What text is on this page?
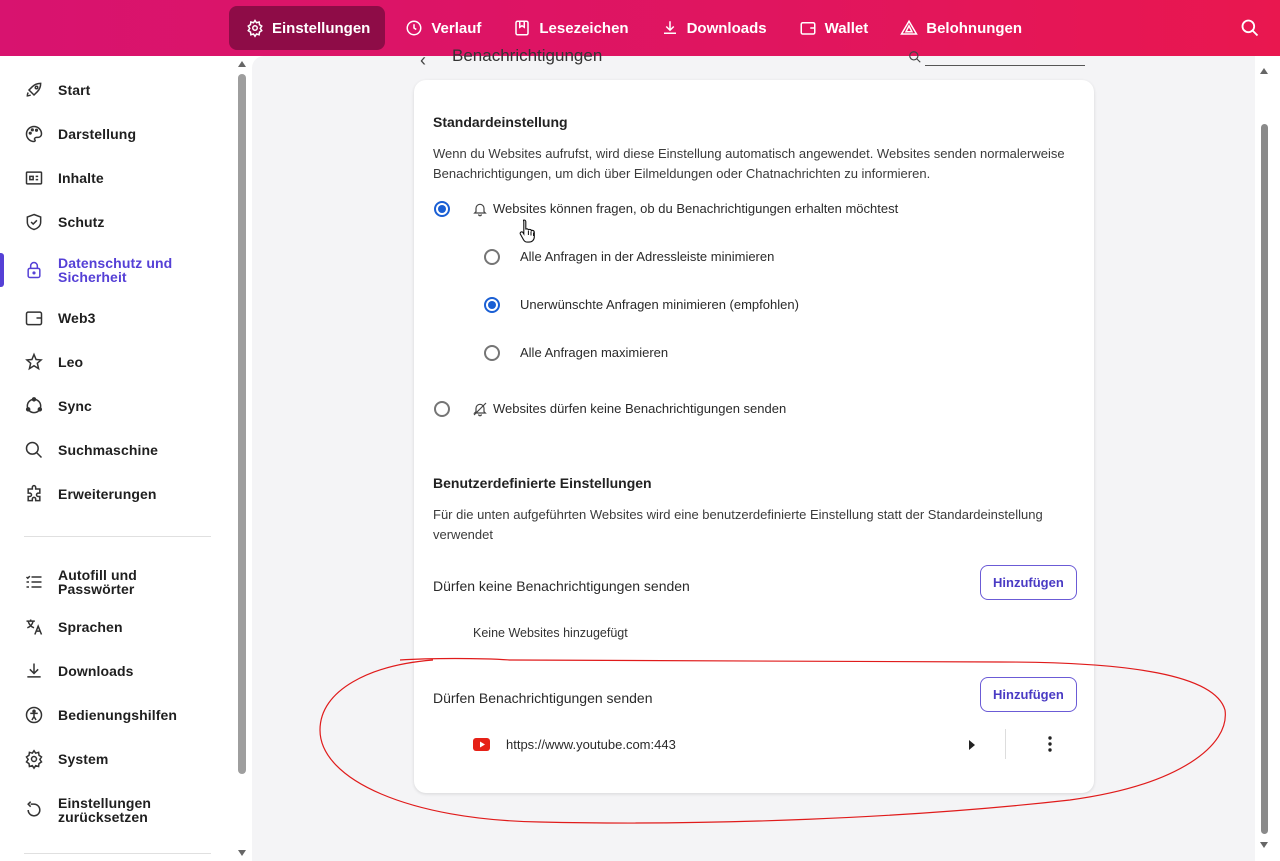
Einstellungen	Verlauf	Lesezeichen	Downloads	Wallet	Belohnungen
Start
Darstellung
Inhalte
Schutz
Datenschutz und Sicherheit
Web3
Leo
Sync
Suchmaschine
Erweiterungen
Autofill und Passwörter
Sprachen
Downloads
Bedienungshilfen
System
Einstellungen zurücksetzen
‹ Benachrichtigungen
Standardeinstellung
Wenn du Websites aufrufst, wird diese Einstellung automatisch angewendet. Websites senden normalerweise Benachrichtigungen, um dich über Eilmeldungen oder Chatnachrichten zu informieren.
Websites können fragen, ob du Benachrichtigungen erhalten möchtest
Alle Anfragen in der Adressleiste minimieren
Unerwünschte Anfragen minimieren (empfohlen)
Alle Anfragen maximieren
Websites dürfen keine Benachrichtigungen senden
Benutzerdefinierte Einstellungen
Für die unten aufgeführten Websites wird eine benutzerdefinierte Einstellung statt der Standardeinstellung verwendet
Dürfen keine Benachrichtigungen senden	Hinzufügen
Keine Websites hinzugefügt
Dürfen Benachrichtigungen senden	Hinzufügen
https://www.youtube.com:443
